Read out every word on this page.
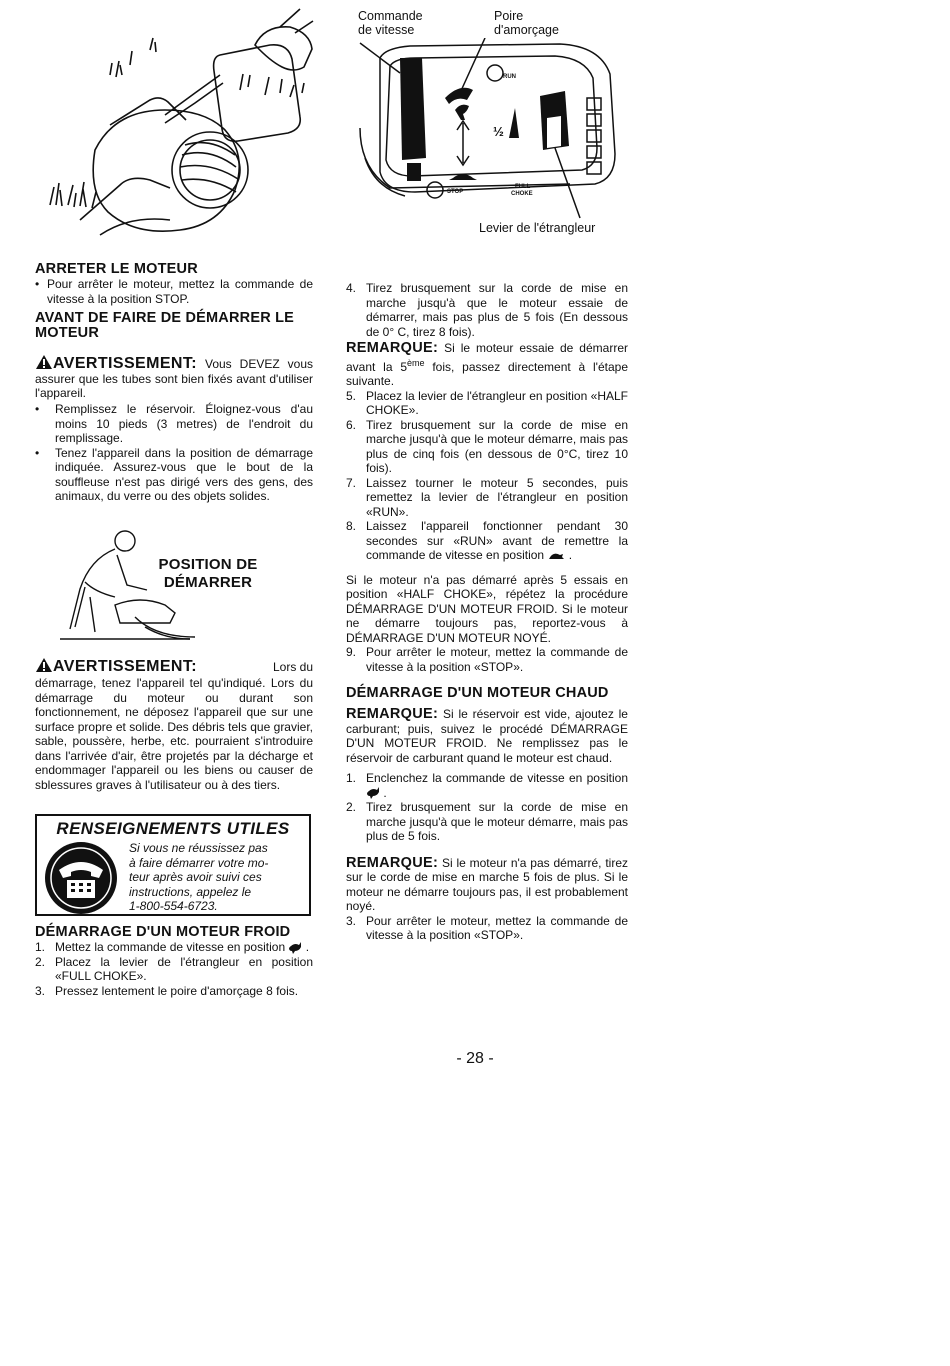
Commande
de vitesse
Poire
d'amorçage
RUN
STOP
FULL CHOKE
½
Levier de l'étrangleur
ARRETER LE MOTEUR
• Pour arrêter le moteur, mettez la commande de vitesse à la position STOP.
AVANT DE FAIRE DE DÉMARRER LE MOTEUR

AVERTISSEMENT: Vous DEVEZ vous assurer que les tubes sont bien fixés avant d'utiliser l'appareil.

•	Remplissez le réservoir. Éloignez-vous d'au moins 10 pieds (3 metres) de l'endroit du remplissage.
•	Tenez l'appareil dans la position de démarrage indiquée. Assurez-vous que le bout de la souffleuse n'est pas dirigé vers des gens, des animaux, du verre ou des objets solides.
POSITION DE
DÉMARRER
AVERTISSEMENT:	Lors du

démarrage, tenez l'appareil tel qu'indiqué. Lors du démarrage du moteur ou durant son fonctionnement, ne déposez l'appareil que sur une surface propre et solide. Des débris tels que gravier, sable, poussère, herbe, etc. pourraient s'introduire dans l'arrivée d'air, être projetés par la décharge et endommager l'appareil ou les biens ou causer de sblessures graves à l'utilisateur ou à des tiers.

RENSEIGNEMENTS UTILES
Si vous ne réussissez pas
à faire démarrer votre mo-
teur après avoir suivi ces
instructions, appelez le
1-800-554-6723.
DÉMARRAGE D'UN MOTEUR FROID
1. Mettez la commande de vitesse en position  .
2. Placez la levier de l'étrangleur en position «FULL CHOKE».
3. Pressez lentement le poire d'amorçage 8 fois.
4. Tirez brusquement sur la corde de mise en marche jusqu'à que le moteur essaie de démarrer, mais pas plus de 5 fois (En dessous de 0° C, tirez 8 fois).

REMARQUE: Si le moteur essaie de démarrer avant la 5ème fois, passez directement à l'étape suivante.

5. Placez la levier de l'étrangleur en position «HALF CHOKE».
6. Tirez brusquement sur la corde de mise en marche jusqu'à que le moteur démarre, mais pas plus de cinq fois (en dessous de 0°C, tirez 10 fois).
7. Laissez tourner le moteur 5 secondes, puis remettez la levier de l'étrangleur en position «RUN».
8. Laissez l'appareil fonctionner pendant 30 secondes sur «RUN» avant de remettre la commande de vitesse en position  .

Si le moteur n'a pas démarré après 5 essais en position «HALF CHOKE», répétez la procédure DÉMARRAGE D'UN MOTEUR FROID. Si le moteur ne démarre toujours pas, reportez-vous à DÉMARRAGE D'UN MOTEUR NOYÉ.

9. Pour arrêter le moteur, mettez la commande de vitesse à la position «STOP».
DÉMARRAGE D'UN MOTEUR CHAUD

REMARQUE: Si le réservoir est vide, ajoutez le carburant; puis, suivez le procédé DÉMARRAGE D'UN MOTEUR FROID. Ne remplissez pas le réservoir de carburant quand le moteur est chaud.

1. Enclenchez la commande de vitesse en position  .
2. Tirez brusquement sur la corde de mise en marche jusqu'à que le moteur démarre, mais pas plus de 5 fois.

REMARQUE: Si le moteur n'a pas démarré, tirez sur le corde de mise en marche 5 fois de plus. Si le moteur ne démarre toujours pas, il est probablement noyé.

3. Pour arrêter le moteur, mettez la commande de vitesse à la position «STOP».
- 28 -
